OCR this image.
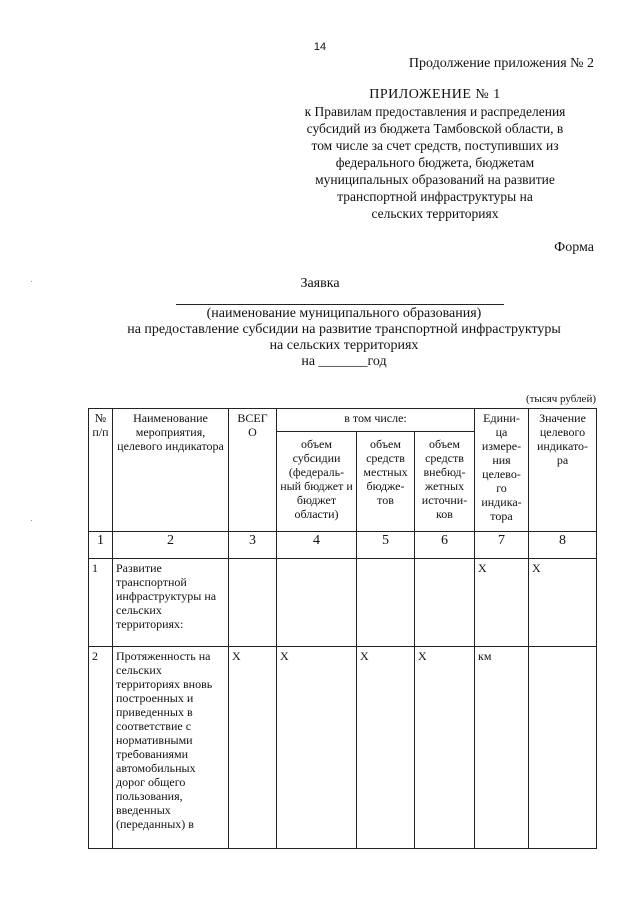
14
Продолжение приложения № 2
ПРИЛОЖЕНИЕ № 1
к Правилам предоставления и распределения
субсидий из бюджета Тамбовской области, в
том числе за счет средств, поступивших из
федерального бюджета, бюджетам
муниципальных образований на развитие
транспортной инфраструктуры на
сельских территориях
Форма
Заявка
(наименование муниципального образования)
на предоставление субсидии на развитие транспортной инфраструктуры
на сельских территориях
на _______год
(тысяч рублей)
№ п/п	Наименование мероприятия, целевого индикатора	ВСЕГ О	в том числе:			Едини-ца измере-ния целево-го индика-тора	Значение целевого индикато-ра
			объем субсидии (федераль-ный бюджет и бюджет области)	объем средств местных бюдже-тов	объем средств внебюд-жетных источни-ков		
1	2	3	4	5	6	7	8
1	Развитие транспортной инфраструктуры на сельских территориях:					Х	Х
2	Протяженность на сельских территориях вновь построенных и приведенных в соответствие с нормативными требованиями автомобильных дорог общего пользования, введенных (переданных) в	Х	Х	Х	Х	км	
